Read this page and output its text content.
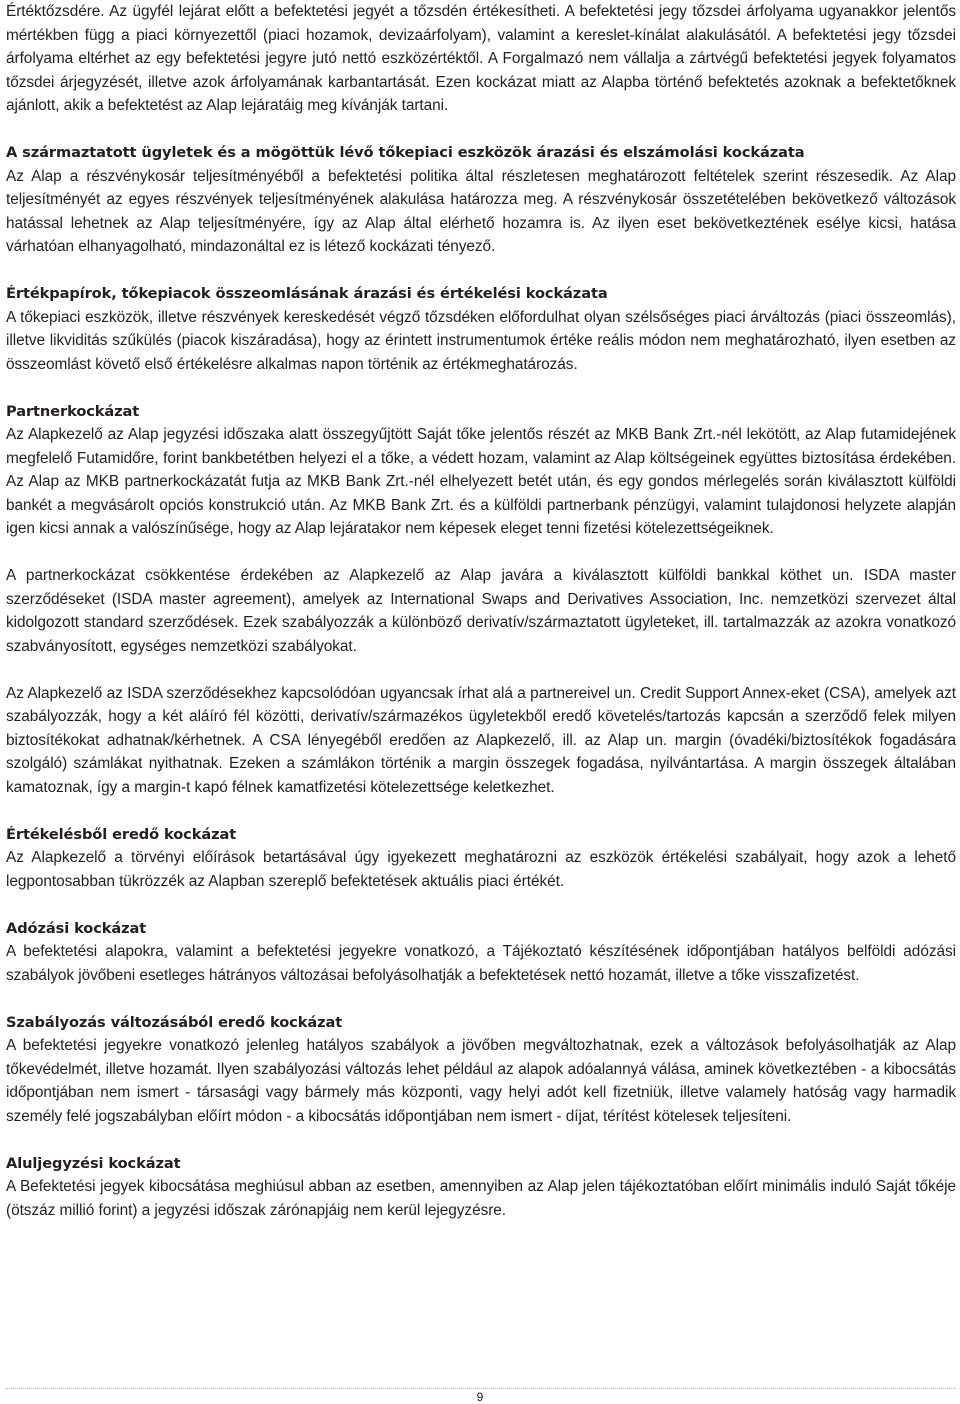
Értéktőzsdére. Az ügyfél lejárat előtt a befektetési jegyét a tőzsdén értékesítheti. A befektetési jegy tőzsdei árfolyama ugyanakkor jelentős mértékben függ a piaci környezettől (piaci hozamok, devizaárfolyam), valamint a kereslet-kínálat alakulásától. A befektetési jegy tőzsdei árfolyama eltérhet az egy befektetési jegyre jutó nettó eszközértéktől. A Forgalmazó nem vállalja a zártvégű befektetési jegyek folyamatos tőzsdei árjegyzését, illetve azok árfolyamának karbantartását. Ezen kockázat miatt az Alapba történő befektetés azoknak a befektetőknek ajánlott, akik a befektetést az Alap lejáratáig meg kívánják tartani.

A származtatott ügyletek és a mögöttük lévő tőkepiaci eszközök árazási és elszámolási kockázata

Az Alap a részvénykosár teljesítményéből a befektetési politika által részletesen meghatározott feltételek szerint részesedik. Az Alap teljesítményét az egyes részvények teljesítményének alakulása határozza meg. A részvénykosár összetételében bekövetkező változások hatással lehetnek az Alap teljesítményére, így az Alap által elérhető hozamra is. Az ilyen eset bekövetkeztének esélye kicsi, hatása várhatóan elhanyagolható, mindazonáltal ez is létező kockázati tényező.

Értékpapírok, tőkepiacok összeomlásának árazási és értékelési kockázata

A tőkepiaci eszközök, illetve részvények kereskedését végző tőzsdéken előfordulhat olyan szélsőséges piaci árváltozás (piaci összeomlás), illetve likviditás szűkülés (piacok kiszáradása), hogy az érintett instrumentumok értéke reális módon nem meghatározható, ilyen esetben az összeomlást követő első értékelésre alkalmas napon történik az értékmeghatározás.

Partnerkockázat

Az Alapkezelő az Alap jegyzési időszaka alatt összegyűjtött Saját tőke jelentős részét az MKB Bank Zrt.-nél lekötött, az Alap futamidejének megfelelő Futamidőre, forint bankbetétben helyezi el a tőke, a védett hozam, valamint az Alap költségeinek együttes biztosítása érdekében. Az Alap az MKB partnerkockázatát futja az MKB Bank Zrt.-nél elhelyezett betét után, és egy gondos mérlegelés során kiválasztott külföldi bankét a megvásárolt opciós konstrukció után. Az MKB Bank Zrt. és a külföldi partnerbank pénzügyi, valamint tulajdonosi helyzete alapján igen kicsi annak a valószínűsége, hogy az Alap lejáratakor nem képesek eleget tenni fizetési kötelezettségeiknek.

A partnerkockázat csökkentése érdekében az Alapkezelő az Alap javára a kiválasztott külföldi bankkal köthet un. ISDA master szerződéseket (ISDA master agreement), amelyek az International Swaps and Derivatives Association, Inc. nemzetközi szervezet által kidolgozott standard szerződések. Ezek szabályozzák a különböző derivatív/származtatott ügyleteket, ill. tartalmazzák az azokra vonatkozó szabványosított, egységes nemzetközi szabályokat.

Az Alapkezelő az ISDA szerződésekhez kapcsolódóan ugyancsak írhat alá a partnereivel un. Credit Support Annex-eket (CSA), amelyek azt szabályozzák, hogy a két aláíró fél közötti, derivatív/származékos ügyletekből eredő követelés/tartozás kapcsán a szerződő felek milyen biztosítékokat adhatnak/kérhetnek. A CSA lényegéből eredően az Alapkezelő, ill. az Alap un. margin (óvadéki/biztosítékok fogadására szolgáló) számlákat nyithatnak. Ezeken a számlákon történik a margin összegek fogadása, nyilvántartása. A margin összegek általában kamatoznak, így a margin-t kapó félnek kamatfizetési kötelezettsége keletkezhet.

Értékelésből eredő kockázat

Az Alapkezelő a törvényi előírások betartásával úgy igyekezett meghatározni az eszközök értékelési szabályait, hogy azok a lehető legpontosabban tükrözzék az Alapban szereplő befektetések aktuális piaci értékét.

Adózási kockázat

A befektetési alapokra, valamint a befektetési jegyekre vonatkozó, a Tájékoztató készítésének időpontjában hatályos belföldi adózási szabályok jövőbeni esetleges hátrányos változásai befolyásolhatják a befektetések nettó hozamát, illetve a tőke visszafizetést.

Szabályozás változásából eredő kockázat

A befektetési jegyekre vonatkozó jelenleg hatályos szabályok a jövőben megváltozhatnak, ezek a változások befolyásolhatják az Alap tőkevédelmét, illetve hozamát. Ilyen szabályozási változás lehet például az alapok adóalannyá válása, aminek következtében - a kibocsátás időpontjában nem ismert - társasági vagy bármely más központi, vagy helyi adót kell fizetniük, illetve valamely hatóság vagy harmadik személy felé jogszabályban előírt módon - a kibocsátás időpontjában nem ismert - díjat, térítést kötelesek teljesíteni.

Aluljegyzési kockázat

A Befektetési jegyek kibocsátása meghiúsul abban az esetben, amennyiben az Alap jelen tájékoztatóban előírt minimális induló Saját tőkéje (ötszáz millió forint) a jegyzési időszak zárónapjáig nem kerül lejegyzésre.

9
